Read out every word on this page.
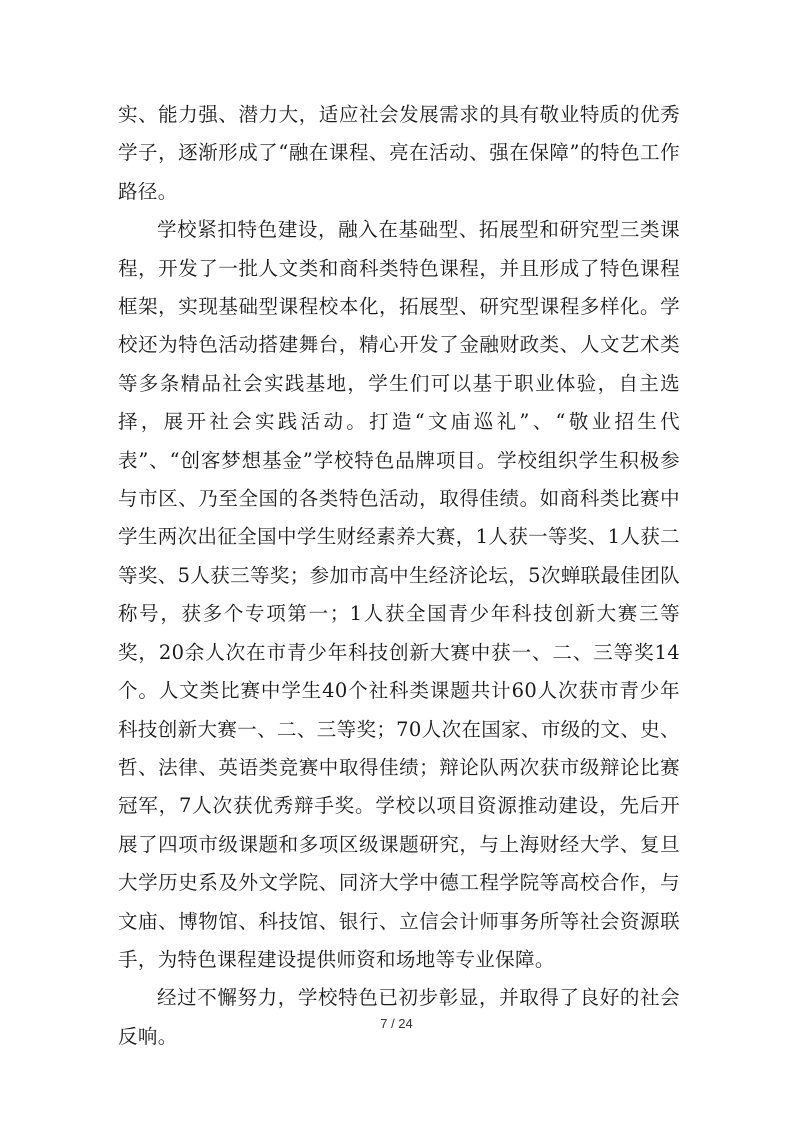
实、能力强、潜力大，适应社会发展需求的具有敬业特质的优秀学子，逐渐形成了“融在课程、亮在活动、强在保障”的特色工作路径。

学校紧扣特色建设，融入在基础型、拓展型和研究型三类课程，开发了一批人文类和商科类特色课程，并且形成了特色课程框架，实现基础型课程校本化，拓展型、研究型课程多样化。学校还为特色活动搭建舞台，精心开发了金融财政类、人文艺术类等多条精品社会实践基地，学生们可以基于职业体验，自主选择，展开社会实践活动。打造“文庙巡礼”、“敬业招生代表”、“创客梦想基金”学校特色品牌项目。学校组织学生积极参与市区、乃至全国的各类特色活动，取得佳绩。如商科类比赛中学生两次出征全国中学生财经素养大赛，1人获一等奖、1人获二等奖、5人获三等奖；参加市高中生经济论坛，5次蝉联最佳团队称号，获多个专项第一；1人获全国青少年科技创新大赛三等奖，20余人次在市青少年科技创新大赛中获一、二、三等奖14个。人文类比赛中学生40个社科类课题共计60人次获市青少年科技创新大赛一、二、三等奖；70人次在国家、市级的文、史、哲、法律、英语类竞赛中取得佳绩；辩论队两次获市级辩论比赛冠军，7人次获优秀辩手奖。学校以项目资源推动建设，先后开展了四项市级课题和多项区级课题研究，与上海财经大学、复旦大学历史系及外文学院、同济大学中德工程学院等高校合作，与文庙、博物馆、科技馆、银行、立信会计师事务所等社会资源联手，为特色课程建设提供师资和场地等专业保障。

经过不懈努力，学校特色已初步彰显，并取得了良好的社会反响。

7 / 24
